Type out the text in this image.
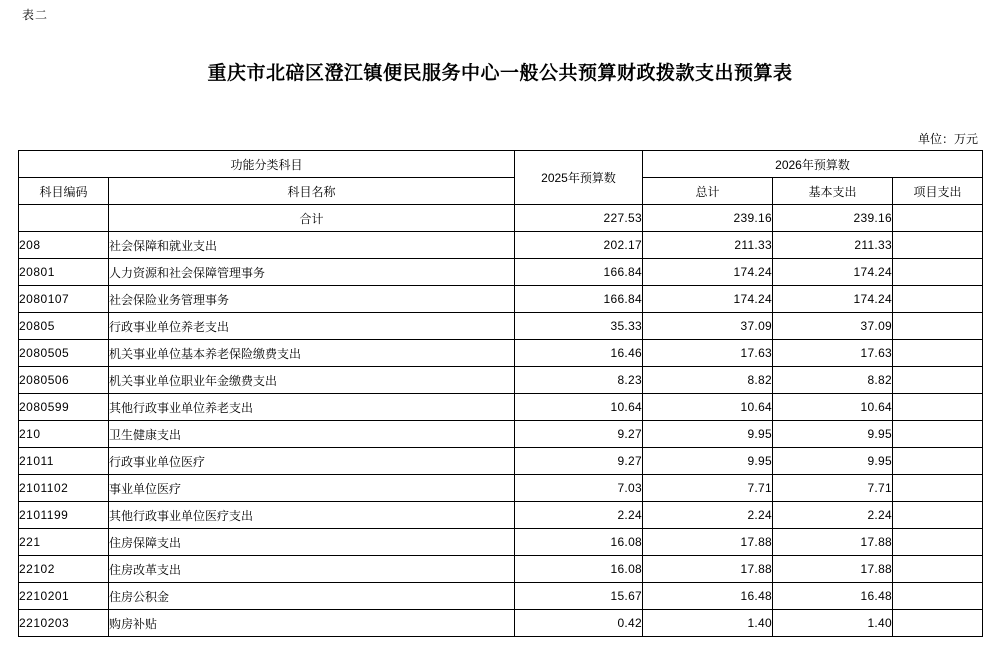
表二
重庆市北碚区澄江镇便民服务中心一般公共预算财政拨款支出预算表
单位：万元
功能分类科目		2025年预算数	2026年预算数		
科目编码	科目名称		总计	基本支出	项目支出
	合计	227.53	239.16	239.16	
208	社会保障和就业支出	202.17	211.33	211.33	
20801	人力资源和社会保障管理事务	166.84	174.24	174.24	
2080107	社会保险业务管理事务	166.84	174.24	174.24	
20805	行政事业单位养老支出	35.33	37.09	37.09	
2080505	机关事业单位基本养老保险缴费支出	16.46	17.63	17.63	
2080506	机关事业单位职业年金缴费支出	8.23	8.82	8.82	
2080599	其他行政事业单位养老支出	10.64	10.64	10.64	
210	卫生健康支出	9.27	9.95	9.95	
21011	行政事业单位医疗	9.27	9.95	9.95	
2101102	事业单位医疗	7.03	7.71	7.71	
2101199	其他行政事业单位医疗支出	2.24	2.24	2.24	
221	住房保障支出	16.08	17.88	17.88	
22102	住房改革支出	16.08	17.88	17.88	
2210201	住房公积金	15.67	16.48	16.48	
2210203	购房补贴	0.42	1.40	1.40	
